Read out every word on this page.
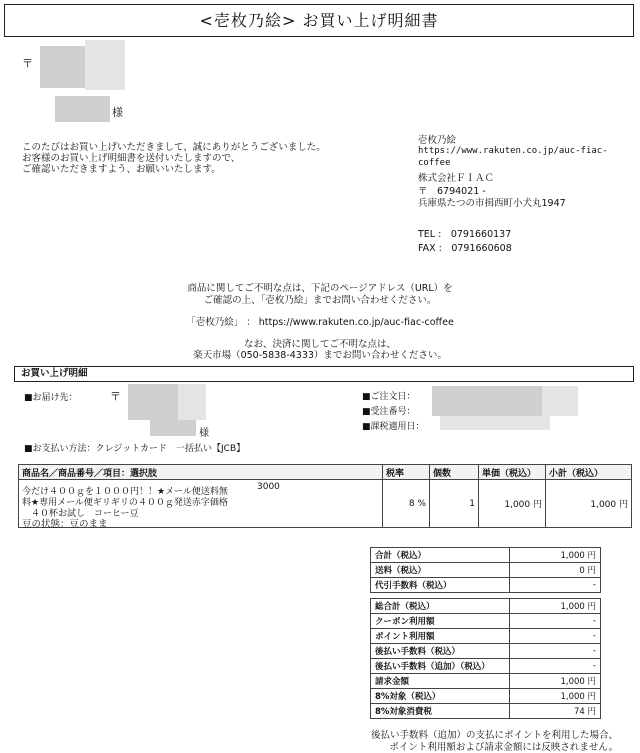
<壱枚乃絵> お買い上げ明細書
〒
様
このたびはお買い上げいただきまして、誠にありがとうございました。
お客様のお買い上げ明細書を送付いたしますので、
ご確認いただきますよう、お願いいたします。
壱枚乃絵
https://www.rakuten.co.jp/auc-fiac-
coffee
株式会社ＦＩＡＣ
〒　6794021 -
兵庫県たつの市揖西町小犬丸1947
TEL :　0791660137
FAX :　0791660608
商品に関してご不明な点は、下記のページアドレス（URL）を
ご確認の上、「壱枚乃絵」までお問い合わせください。
「壱枚乃絵」 ： https://www.rakuten.co.jp/auc-fiac-coffee
なお、決済に関してご不明な点は、
楽天市場（050-5838-4333）までお問い合わせください。
お買い上げ明細
■お届け先：	〒
様
■ご注文日：
■受注番号：
■課税適用日：
■お支払い方法：クレジットカード　一括払い【JCB】
商品名／商品番号／項目：選択肢	税率	個数	単価（税込）	小計（税込）

今だけ４００ｇを１０００円！！★メール便送料無
料★専用メール便ギリギリの４００ｇ発送赤字価格
　４０杯お試し　コーヒー豆
3000	8 %	1	1,000 円	1,000 円
豆の状態：豆のまま
合計（税込）	1,000 円
送料（税込）	0 円
代引手数料（税込）	-
総合計（税込）	1,000 円
クーポン利用額	-
ポイント利用額	-
後払い手数料（税込）	-
後払い手数料（追加）（税込）	-
請求金額	1,000 円
8%対象（税込）	1,000 円
8%対象消費税	74 円
後払い手数料（追加）の支払にポイントを利用した場合、
ポイント利用額および請求金額には反映されません。
